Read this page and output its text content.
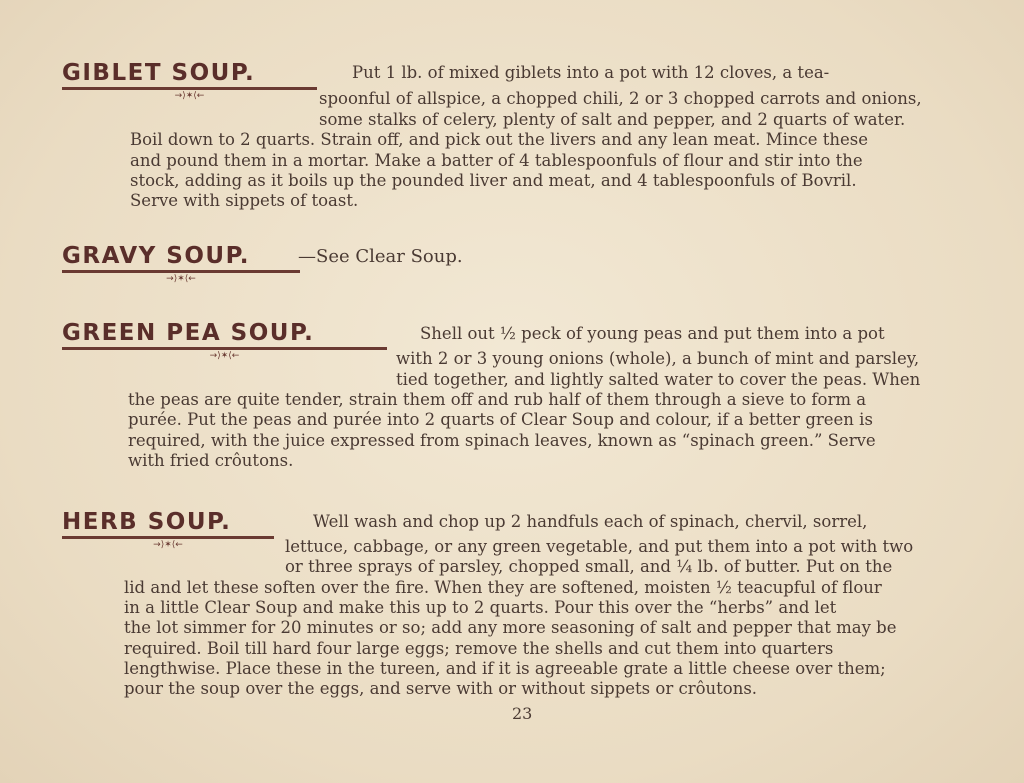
GIBLET SOUP.
→⟩✶⟨←
Put 1 lb. of mixed giblets into a pot with 12 cloves, a tea-
spoonful of allspice, a chopped chili, 2 or 3 chopped carrots and onions,
some stalks of celery, plenty of salt and pepper, and 2 quarts of water.
Boil down to 2 quarts. Strain off, and pick out the livers and any lean meat. Mince these
and pound them in a mortar. Make a batter of 4 tablespoonfuls of flour and stir into the
stock, adding as it boils up the pounded liver and meat, and 4 tablespoonfuls of Bovril.
Serve with sippets of toast.
GRAVY SOUP.
→⟩✶⟨←
—See Clear Soup.
GREEN PEA SOUP.
→⟩✶⟨←
Shell out ½ peck of young peas and put them into a pot
with 2 or 3 young onions (whole), a bunch of mint and parsley,
tied together, and lightly salted water to cover the peas. When
the peas are quite tender, strain them off and rub half of them through a sieve to form a
purée. Put the peas and purée into 2 quarts of Clear Soup and colour, if a better green is
required, with the juice expressed from spinach leaves, known as “spinach green.” Serve
with fried crôutons.
HERB SOUP.
→⟩✶⟨←
Well wash and chop up 2 handfuls each of spinach, chervil, sorrel,
lettuce, cabbage, or any green vegetable, and put them into a pot with two
or three sprays of parsley, chopped small, and ¼ lb. of butter. Put on the
lid and let these soften over the fire. When they are softened, moisten ½ teacupful of flour
in a little Clear Soup and make this up to 2 quarts. Pour this over the “herbs” and let
the lot simmer for 20 minutes or so; add any more seasoning of salt and pepper that may be
required. Boil till hard four large eggs; remove the shells and cut them into quarters
lengthwise. Place these in the tureen, and if it is agreeable grate a little cheese over them;
pour the soup over the eggs, and serve with or without sippets or crôutons.
23
